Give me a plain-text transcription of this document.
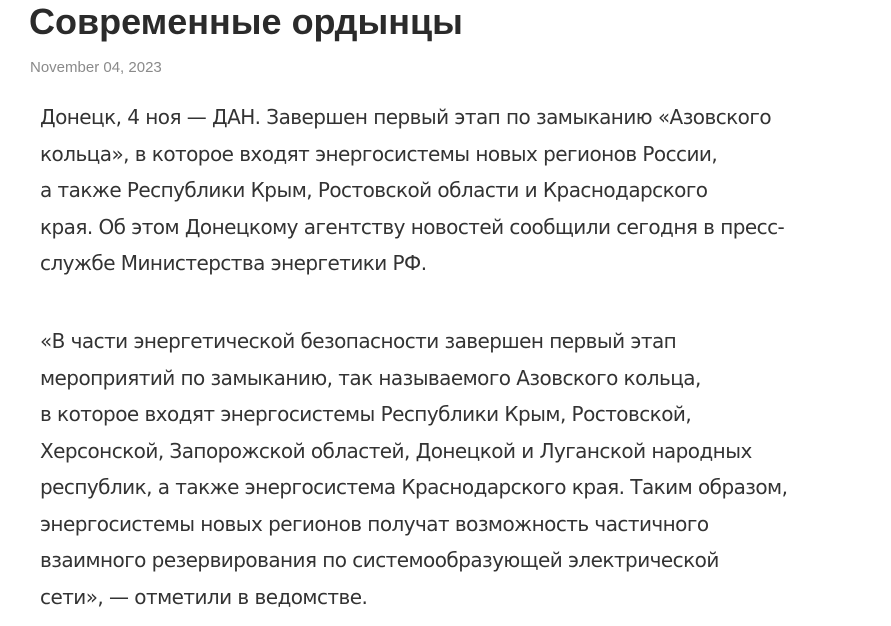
Современные ордынцы
November 04, 2023
Донецк, 4 ноя — ДАН. Завершен первый этап по замыканию «Азовского
кольца», в которое входят энергосистемы новых регионов России,
а также Республики Крым, Ростовской области и Краснодарского
края. Об этом Донецкому агентству новостей сообщили сегодня в пресс-
службе Министерства энергетики РФ.
«В части энергетической безопасности завершен первый этап
мероприятий по замыканию, так называемого Азовского кольца,
в которое входят энергосистемы Республики Крым, Ростовской,
Херсонской, Запорожской областей, Донецкой и Луганской народных
республик, а также энергосистема Краснодарского края. Таким образом,
энергосистемы новых регионов получат возможность частичного
взаимного резервирования по системообразующей электрической
сети», — отметили в ведомстве.
